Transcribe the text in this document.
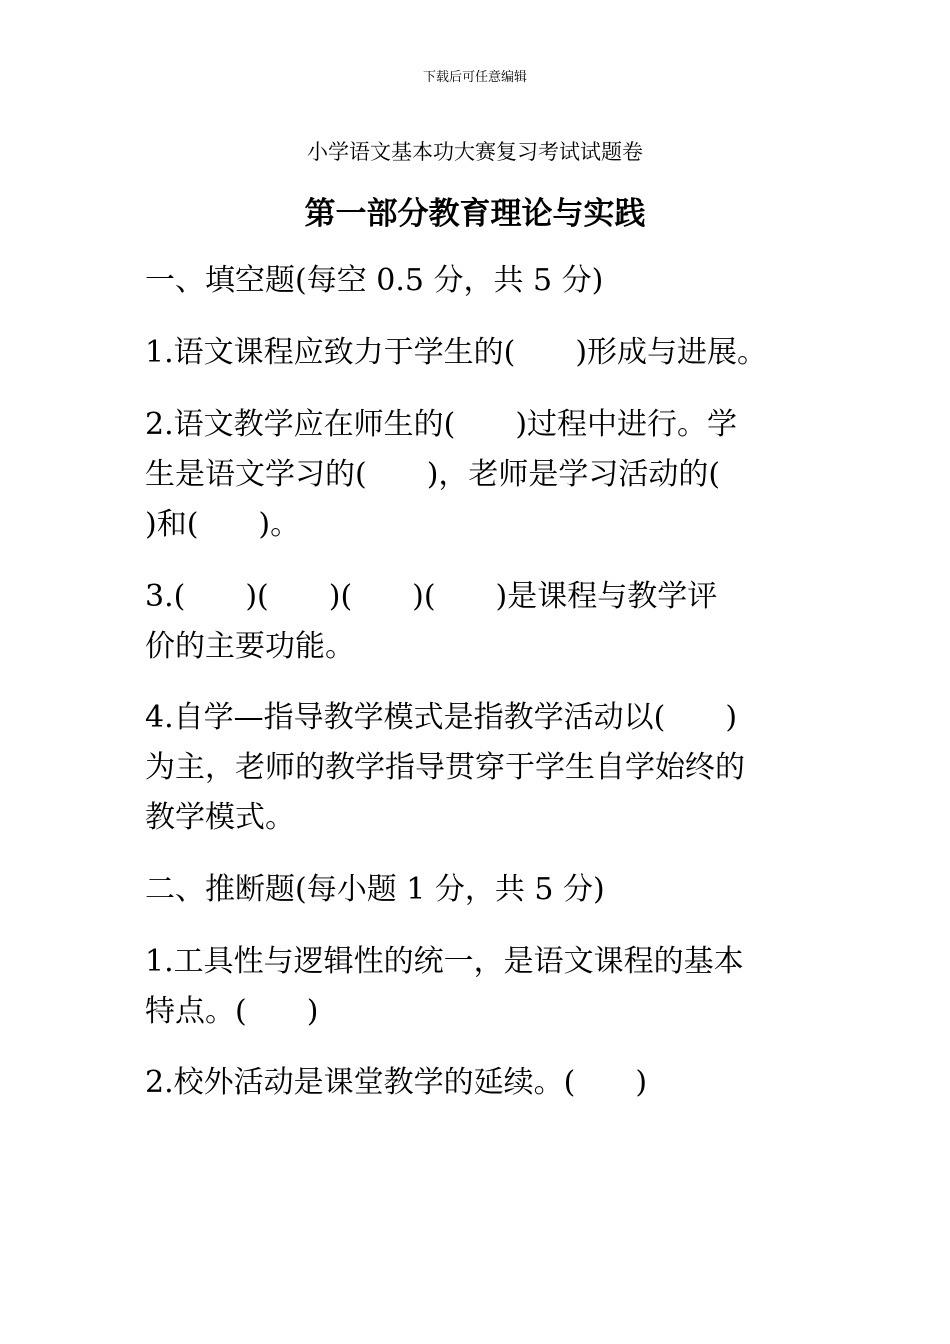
下载后可任意编辑
小学语文基本功大赛复习考试试题卷
第一部分教育理论与实践
一、填空题(每空 0.5 分，共 5 分)
1.语文课程应致力于学生的(　　)形成与进展。
2.语文教学应在师生的(　　)过程中进行。学
生是语文学习的(　　)，老师是学习活动的(
)和(　　)。
3.(　　)(　　)(　　)(　　)是课程与教学评
价的主要功能。
4.自学—指导教学模式是指教学活动以(　　)
为主，老师的教学指导贯穿于学生自学始终的
教学模式。
二、推断题(每小题 1 分，共 5 分)
1.工具性与逻辑性的统一，是语文课程的基本
特点。(　　)
2.校外活动是课堂教学的延续。(　　)
